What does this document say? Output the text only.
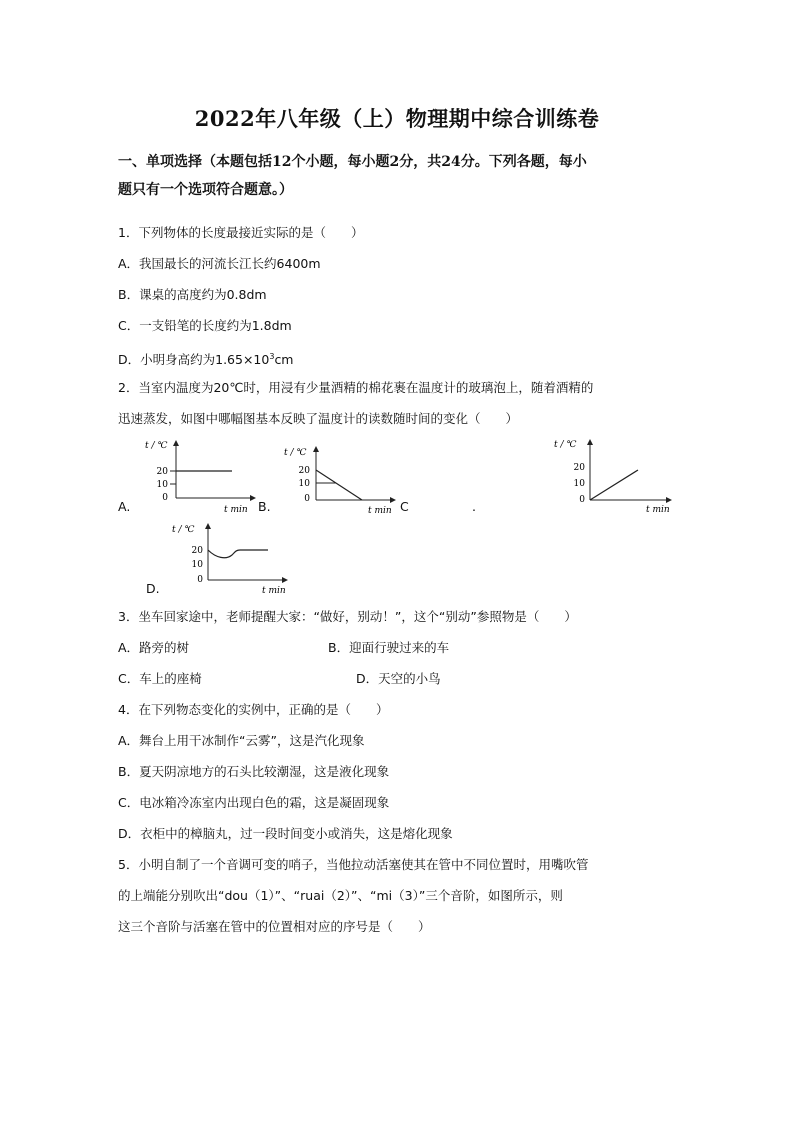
2022年八年级（上）物理期中综合训练卷
一、单项选择（本题包括12个小题，每小题2分，共24分。下列各题，每小
题只有一个选项符合题意。）
1．下列物体的长度最接近实际的是（　　）
A．我国最长的河流长江长约6400m
B．课桌的高度约为0.8dm
C．一支铅笔的长度约为1.8dm
D．小明身高约为$1.65\times 10^3cm$
2．当室内温度为20℃时，用浸有少量酒精的棉花裹在温度计的玻璃泡上，随着酒精的
迅速蒸发，如图中哪幅图基本反映了温度计的读数随时间的变化（　　）
t / ℃
20
10
0
t min
A.
t / ℃
20
10
0
t min
B.	C	.
t / ℃
20
10
0
t min
t / ℃
20
10
0
t min
D.
3．坐车回家途中，老师提醒大家：“做好，别动！”，这个“别动”参照物是（　　）
A．路旁的树	B．迎面行驶过来的车
C．车上的座椅	D．天空的小鸟
4．在下列物态变化的实例中，正确的是（　　）
A．舞台上用干冰制作“云雾”，这是汽化现象
B．夏天阴凉地方的石头比较潮湿，这是液化现象
C．电冰箱冷冻室内出现白色的霜，这是凝固现象
D．衣柜中的樟脑丸，过一段时间变小或消失，这是熔化现象
5．小明自制了一个音调可变的哨子，当他拉动活塞使其在管中不同位置时，用嘴吹管
的上端能分别吹出“dou（1）”、“ruai（2）”、“mi（3）”三个音阶，如图所示，则
这三个音阶与活塞在管中的位置相对应的序号是（　　）
